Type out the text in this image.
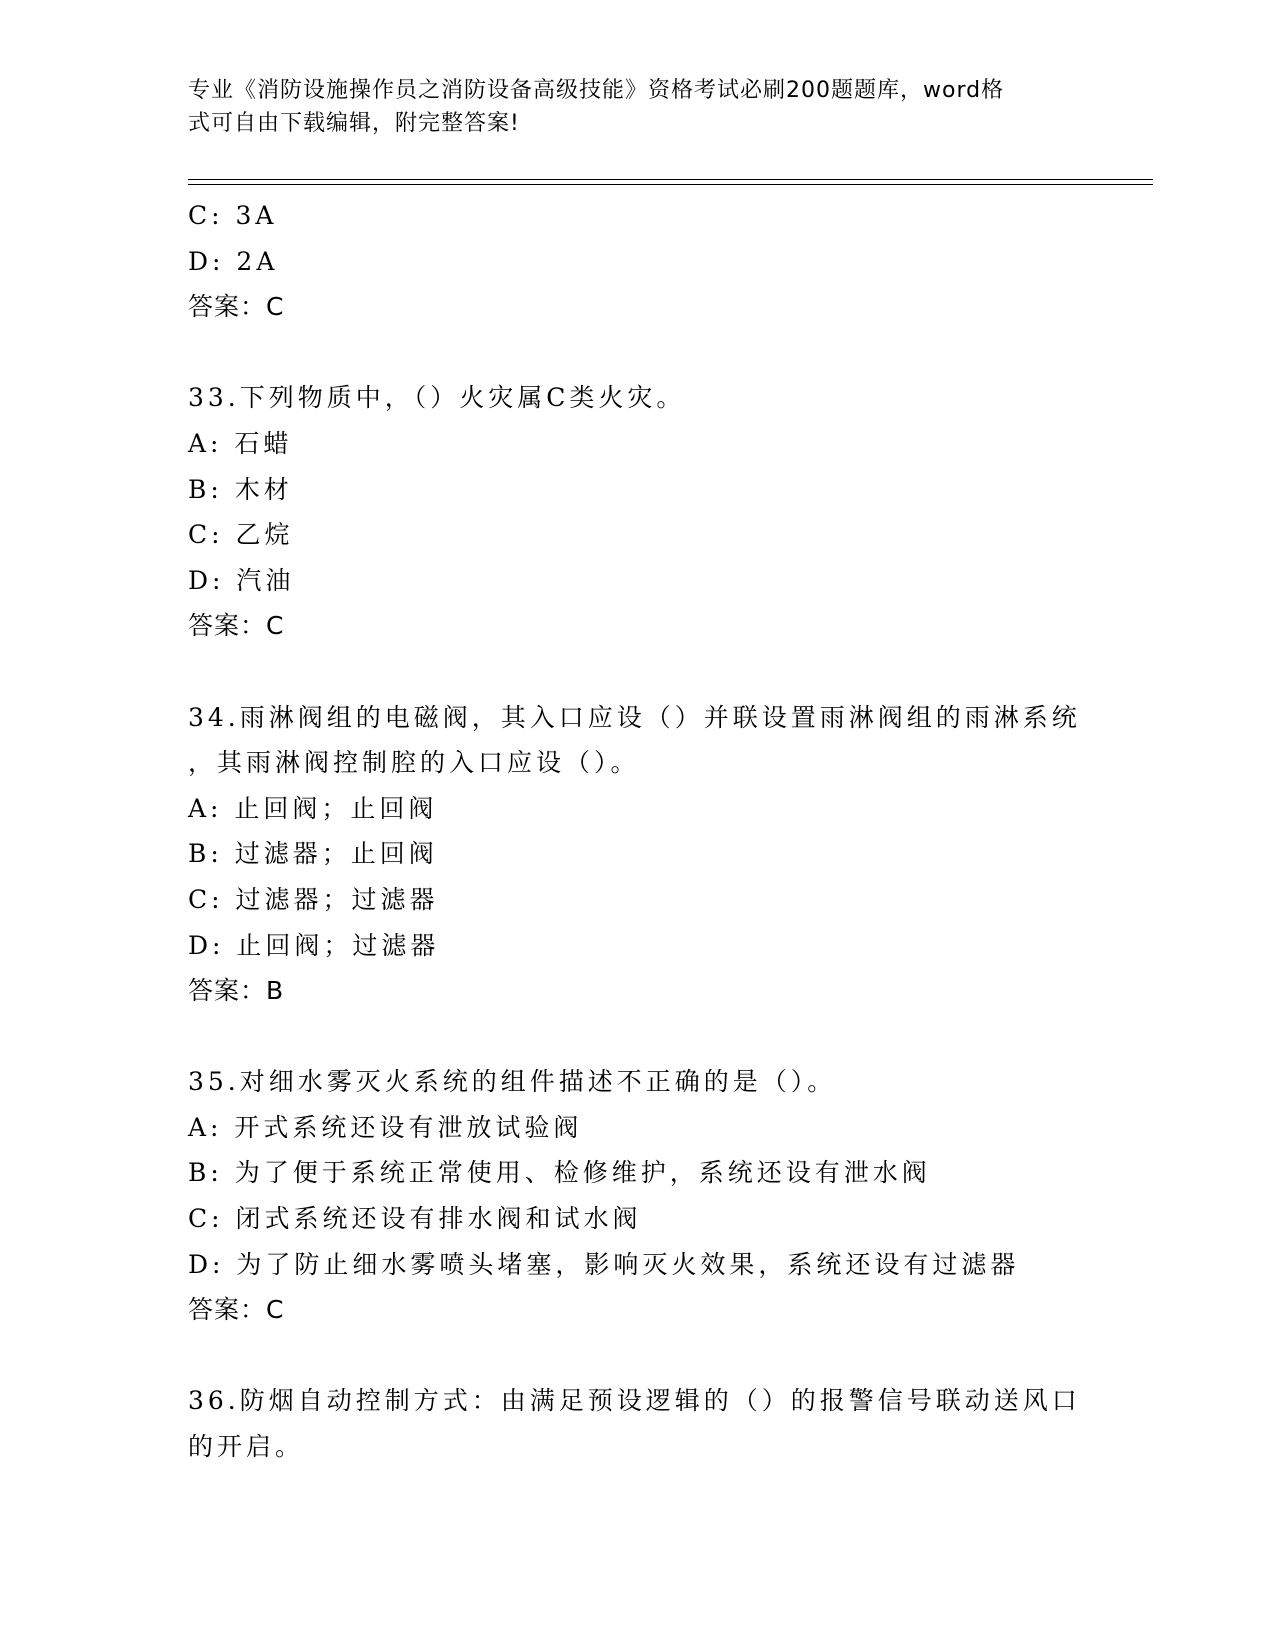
专业《消防设施操作员之消防设备高级技能》资格考试必刷200题题库，word格
式可自由下载编辑，附完整答案!
C: 3A
D: 2A
答案：C
33.下列物质中，（）火灾属C类火灾。
A: 石蜡
B: 木材
C: 乙烷
D: 汽油
答案：C
34.雨淋阀组的电磁阀，其入口应设（）并联设置雨淋阀组的雨淋系统
，其雨淋阀控制腔的入口应设（）。
A: 止回阀；止回阀
B: 过滤器；止回阀
C: 过滤器；过滤器
D: 止回阀；过滤器
答案：B
35.对细水雾灭火系统的组件描述不正确的是（）。
A: 开式系统还设有泄放试验阀
B: 为了便于系统正常使用、检修维护，系统还设有泄水阀
C: 闭式系统还设有排水阀和试水阀
D: 为了防止细水雾喷头堵塞，影响灭火效果，系统还设有过滤器
答案：C
36.防烟自动控制方式：由满足预设逻辑的（）的报警信号联动送风口
的开启。
